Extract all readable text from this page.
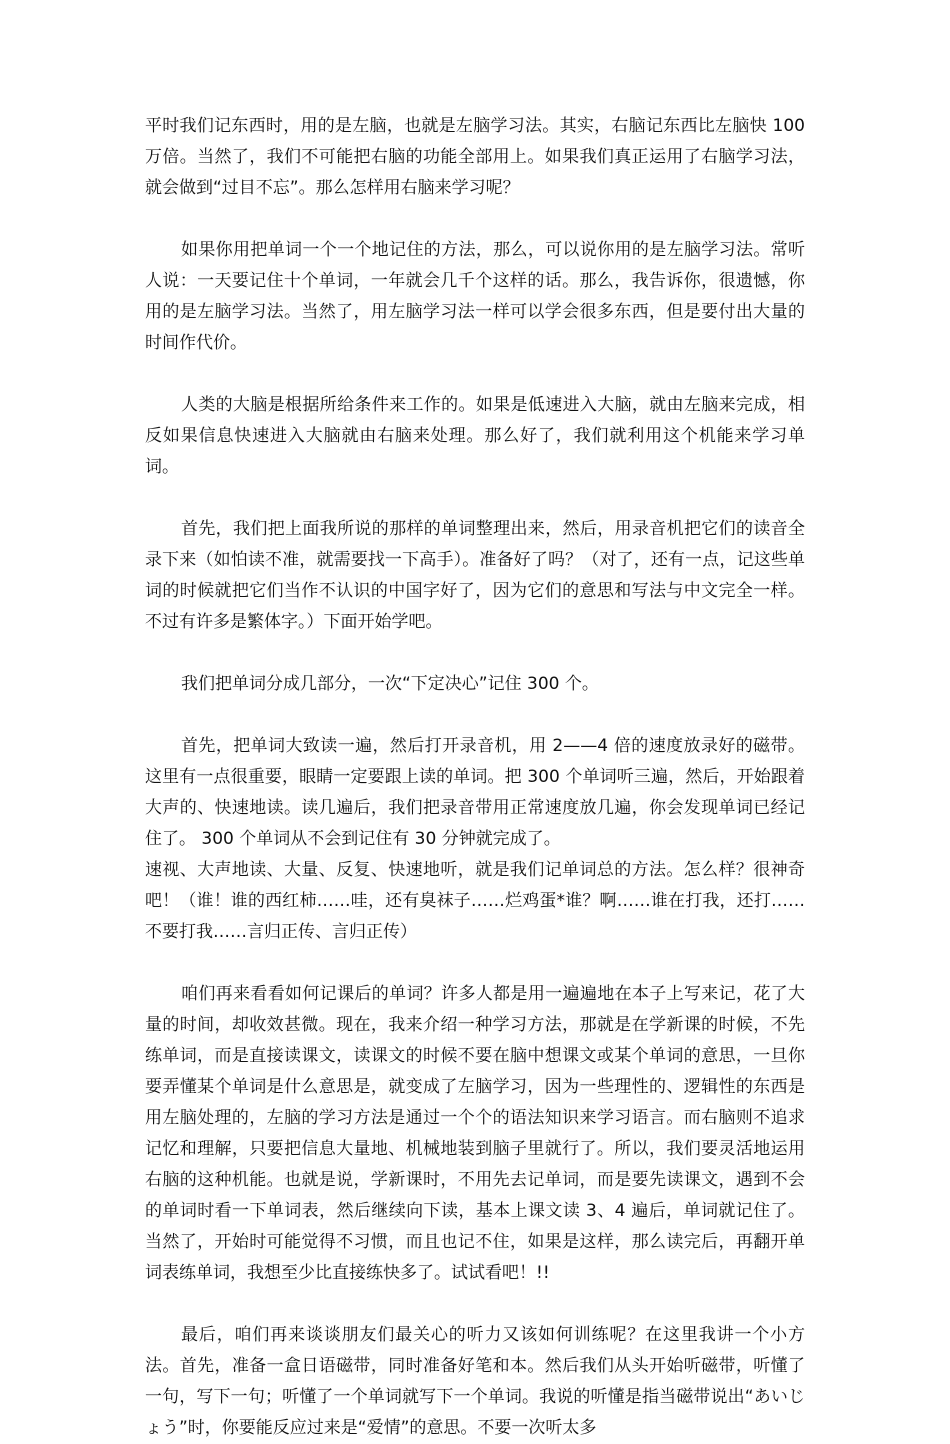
平时我们记东西时，用的是左脑，也就是左脑学习法。其实，右脑记东西比左脑快 100 万倍。当然了，我们不可能把右脑的功能全部用上。如果我们真正运用了右脑学习法，就会做到“过目不忘”。那么怎样用右脑来学习呢？

如果你用把单词一个一个地记住的方法，那么，可以说你用的是左脑学习法。常听人说：一天要记住十个单词，一年就会几千个这样的话。那么，我告诉你，很遗憾，你用的是左脑学习法。当然了，用左脑学习法一样可以学会很多东西，但是要付出大量的时间作代价。

人类的大脑是根据所给条件来工作的。如果是低速进入大脑，就由左脑来完成，相反如果信息快速进入大脑就由右脑来处理。那么好了，我们就利用这个机能来学习单词。

首先，我们把上面我所说的那样的单词整理出来，然后，用录音机把它们的读音全录下来（如怕读不准，就需要找一下高手）。准备好了吗？（对了，还有一点，记这些单词的时候就把它们当作不认识的中国字好了，因为它们的意思和写法与中文完全一样。不过有许多是繁体字。）下面开始学吧。

我们把单词分成几部分，一次“下定决心”记住 300 个。

首先，把单词大致读一遍，然后打开录音机，用 2——4 倍的速度放录好的磁带。这里有一点很重要，眼睛一定要跟上读的单词。把 300 个单词听三遍，然后，开始跟着大声的、快速地读。读几遍后，我们把录音带用正常速度放几遍，你会发现单词已经记住了。 300 个单词从不会到记住有 30 分钟就完成了。

速视、大声地读、大量、反复、快速地听，就是我们记单词总的方法。怎么样？很神奇吧！（谁！谁的西红柿……哇，还有臭袜子……烂鸡蛋*谁？啊……谁在打我，还打……不要打我……言归正传、言归正传）

咱们再来看看如何记课后的单词？许多人都是用一遍遍地在本子上写来记，花了大量的时间，却收效甚微。现在，我来介绍一种学习方法，那就是在学新课的时候，不先练单词，而是直接读课文，读课文的时候不要在脑中想课文或某个单词的意思，一旦你要弄懂某个单词是什么意思是，就变成了左脑学习，因为一些理性的、逻辑性的东西是用左脑处理的，左脑的学习方法是通过一个个的语法知识来学习语言。而右脑则不追求记忆和理解，只要把信息大量地、机械地装到脑子里就行了。所以，我们要灵活地运用右脑的这种机能。也就是说，学新课时，不用先去记单词，而是要先读课文，遇到不会的单词时看一下单词表，然后继续向下读，基本上课文读 3、4 遍后，单词就记住了。当然了，开始时可能觉得不习惯，而且也记不住，如果是这样，那么读完后，再翻开单词表练单词，我想至少比直接练快多了。试试看吧！!!

最后，咱们再来谈谈朋友们最关心的听力又该如何训练呢？在这里我讲一个小方法。首先，准备一盒日语磁带，同时准备好笔和本。然后我们从头开始听磁带，听懂了一句，写下一句；听懂了一个单词就写下一个单词。我说的听懂是指当磁带说出“あいじょう”时，你要能反应过来是“爱情”的意思。不要一次听太多
